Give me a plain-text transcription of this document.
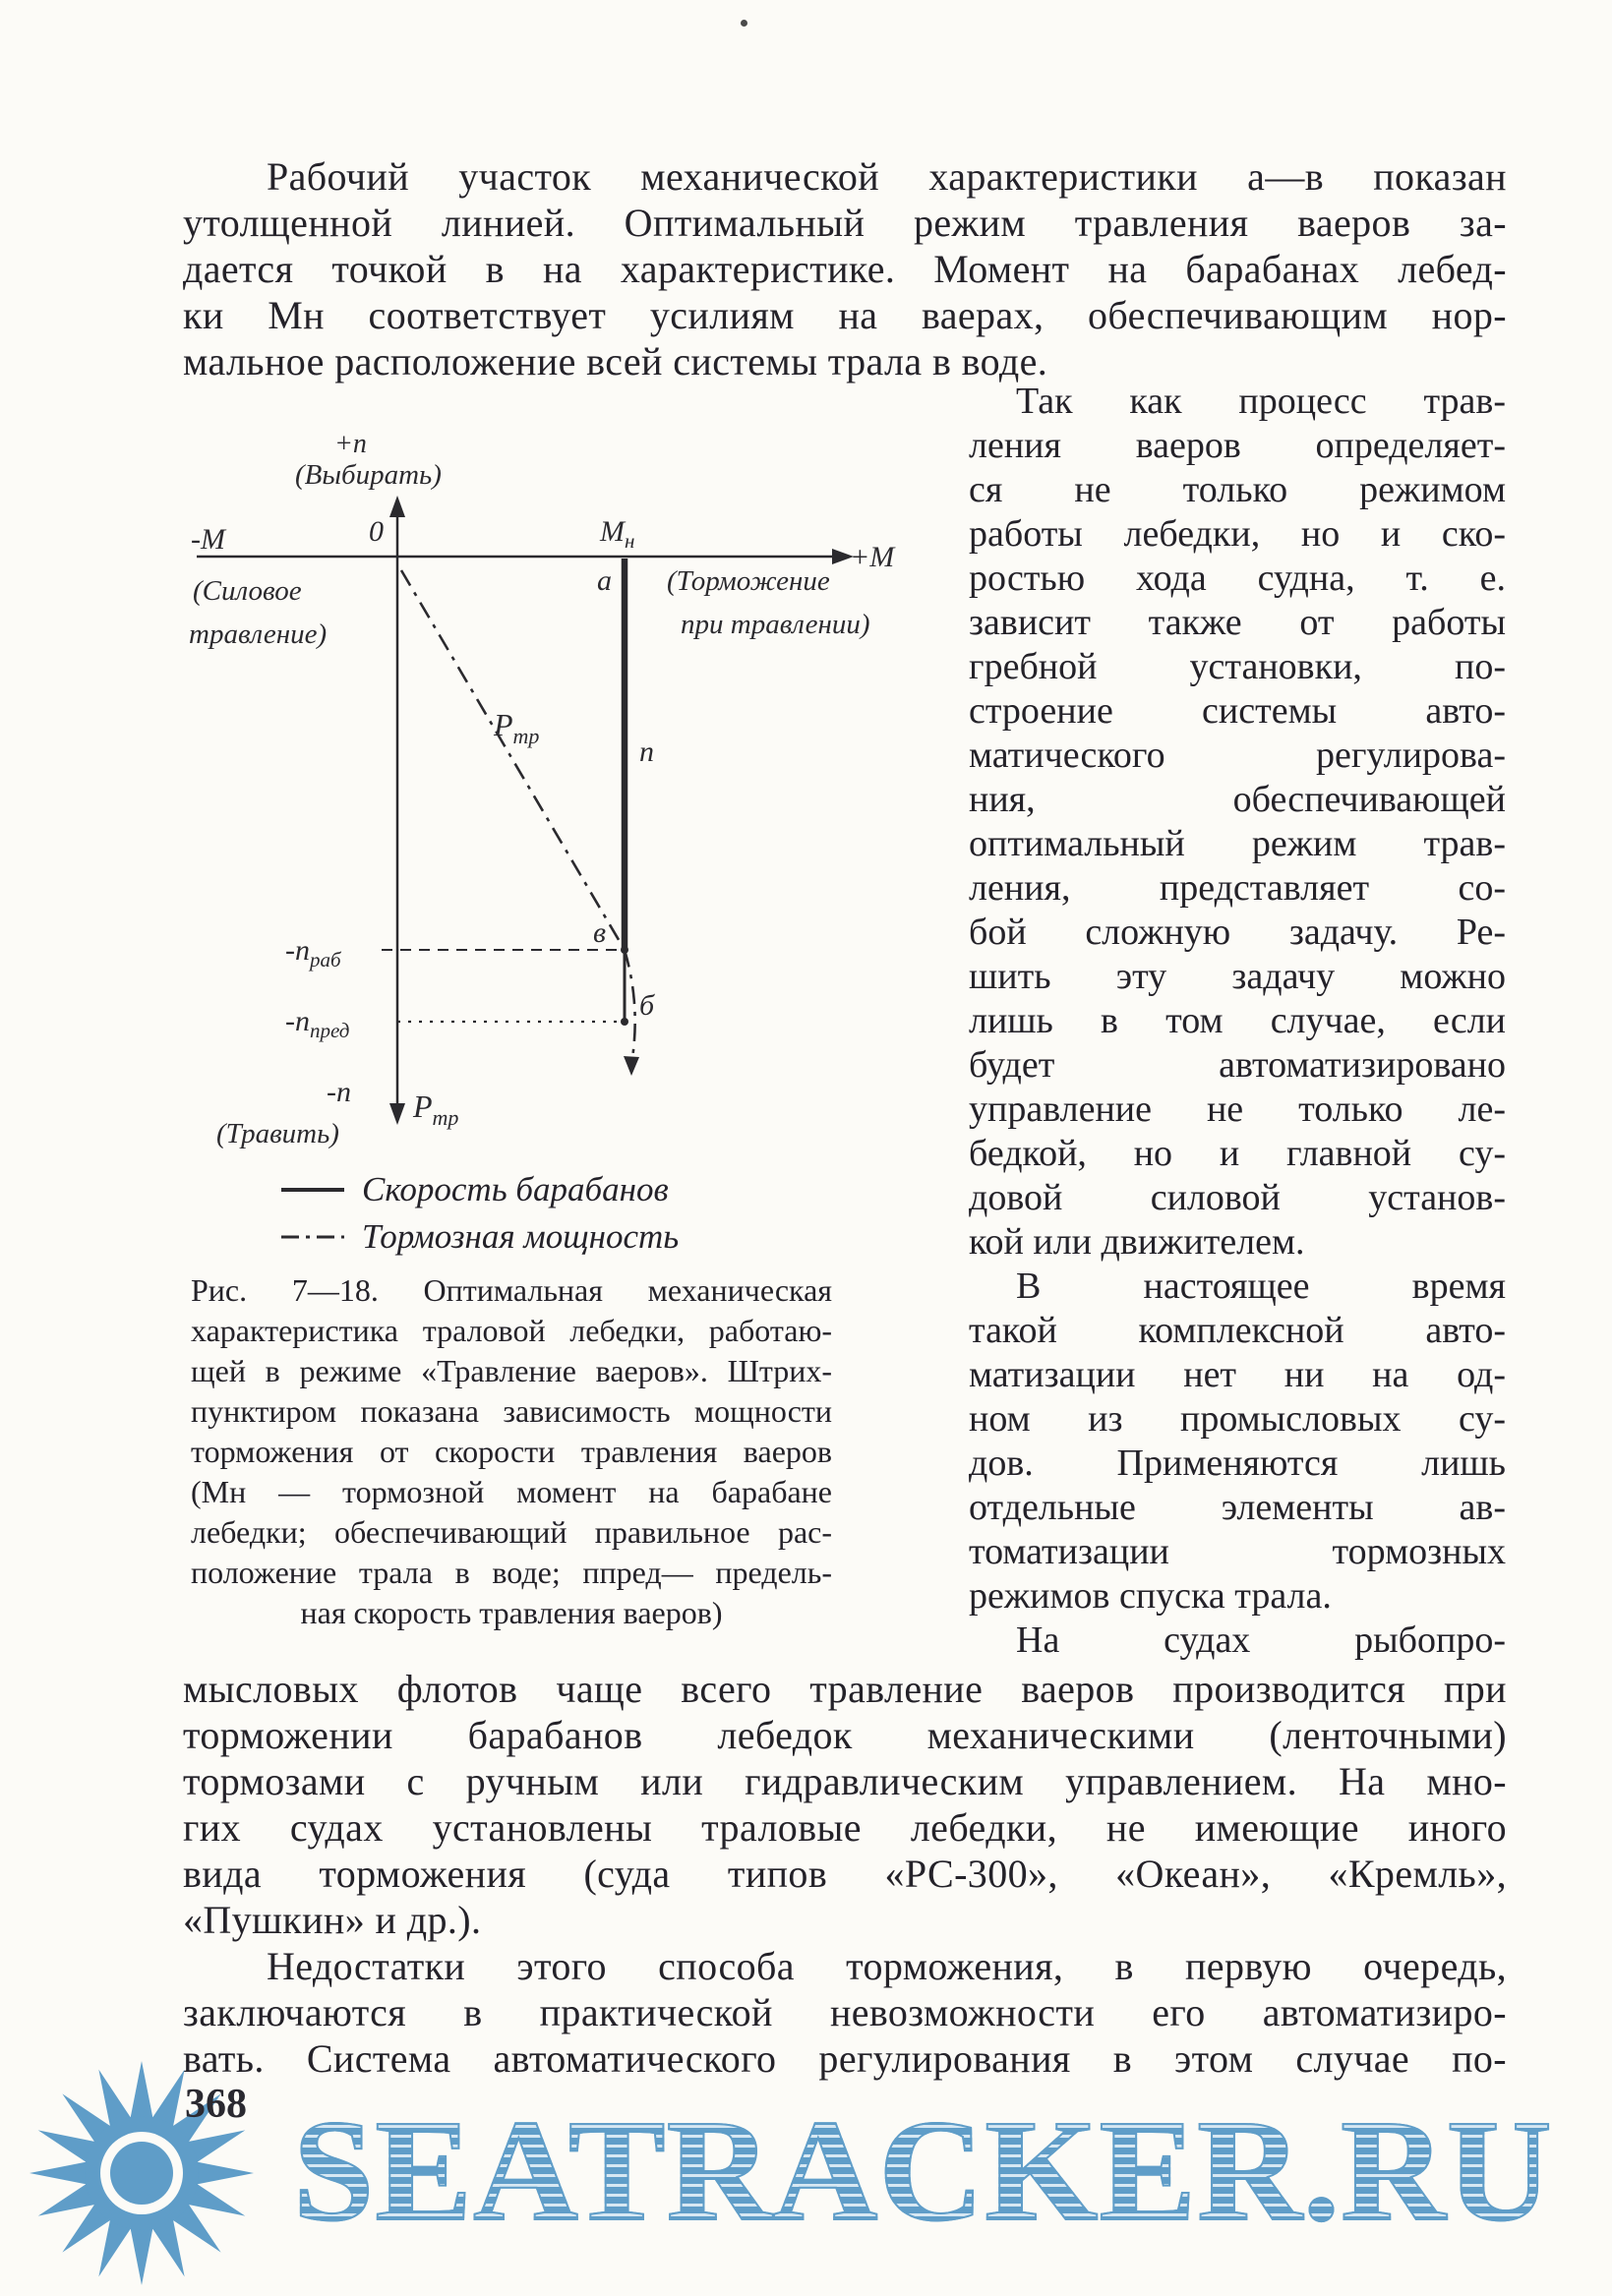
Рабочий участок механической характеристики а—в показан
утолщенной линией. Оптимальный режим травления ваеров за-
дается точкой в на характеристике. Момент на барабанах лебед-
ки Мн соответствует усилиям на ваерах, обеспечивающим нор-
мальное расположение всей системы трала в воде.
+п
(Выбирать)
0	$М_н$	+М
-М
(Силовое
травление)
а (Торможение
при травлении)
$Р_{тр}$	п
$-п_{раб}$
в
$-п_{пред}$
б
-п
(Травить)
$Р_{тр}$
Скорость барабанов
Тормозная мощность
Рис. 7—18. Оптимальная механическая
характеристика траловой лебедки, работаю-
щей в режиме «Травление ваеров». Штрих-
пунктиром показана зависимость мощности
торможения от скорости травления ваеров
(Мн — тормозной момент на барабане
лебедки; обеспечивающий правильное рас-
положение трала в воде; ппред— предель-
ная скорость травления ваеров)
Так как процесс трав-
ления ваеров определяет-
ся не только режимом
работы лебедки, но и ско-
ростью хода судна, т. е.
зависит также от работы
гребной установки, по-
строение системы авто-
матического регулирова-
ния, обеспечивающей
оптимальный режим трав-
ления, представляет со-
бой сложную задачу. Ре-
шить эту задачу можно
лишь в том случае, если
будет автоматизировано
управление не только ле-
бедкой, но и главной су-
довой силовой установ-
кой или движителем.
В настоящее время
такой комплексной авто-
матизации нет ни на од-
ном из промысловых су-
дов. Применяются лишь
отдельные элементы ав-
томатизации тормозных
режимов спуска трала.
На судах рыбопро-
мысловых флотов чаще всего травление ваеров производится при
торможении барабанов лебедок механическими (ленточными)
тормозами с ручным или гидравлическим управлением. На мно-
гих судах установлены траловые лебедки, не имеющие иного
вида торможения (суда типов «РС-300», «Океан», «Кремль»,
«Пушкин» и др.).
Недостатки этого способа торможения, в первую очередь,
заключаются в практической невозможности его автоматизиро-
вать. Система автоматического регулирования в этом случае по-
368 SEATRACKER.RU
